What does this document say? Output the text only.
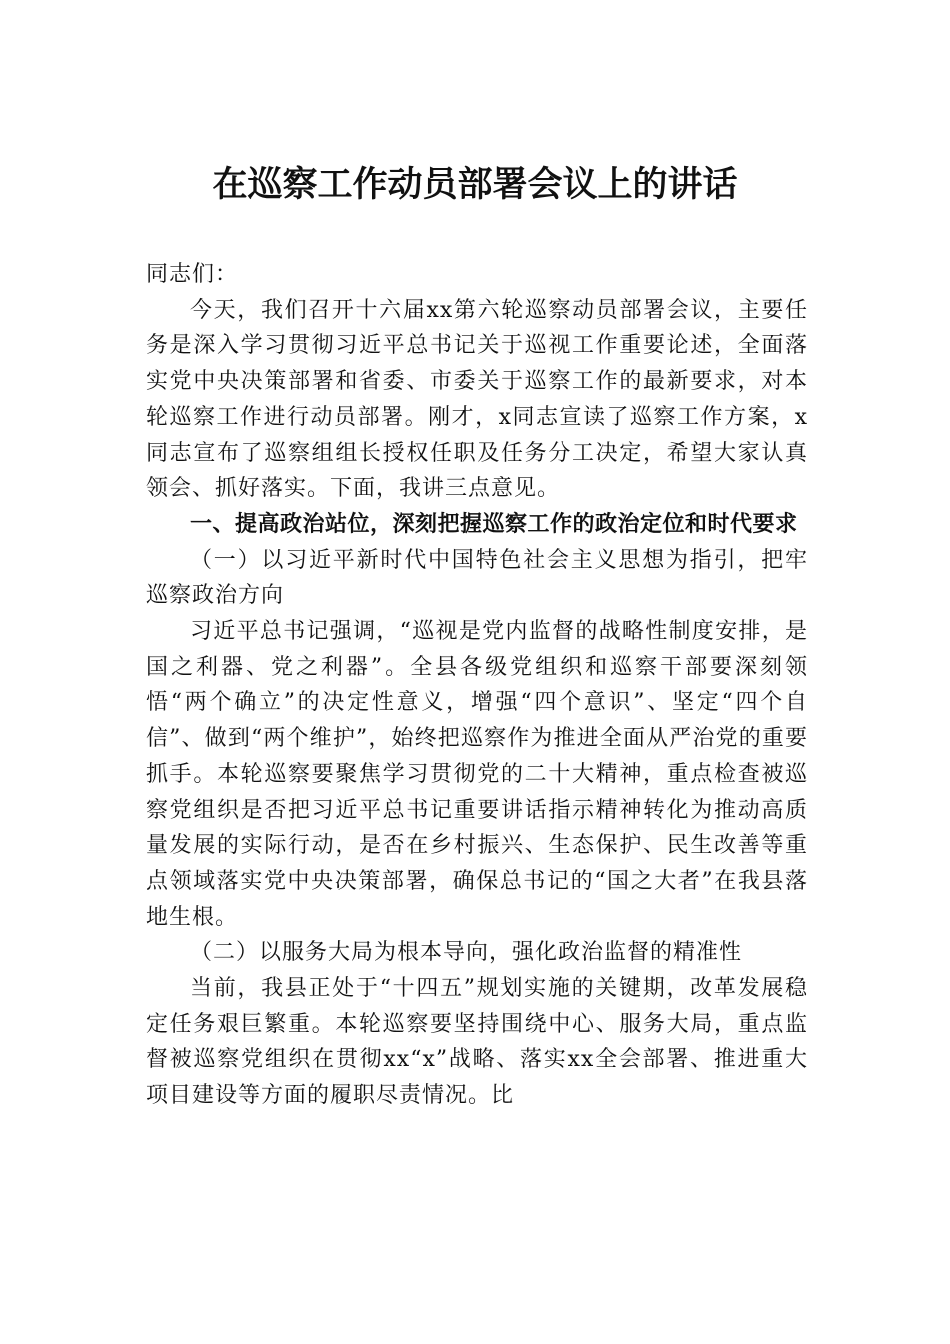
在巡察工作动员部署会议上的讲话

同志们：

今天，我们召开十六届xx第六轮巡察动员部署会议，主要任务是深入学习贯彻习近平总书记关于巡视工作重要论述，全面落实党中央决策部署和省委、市委关于巡察工作的最新要求，对本轮巡察工作进行动员部署。刚才，x同志宣读了巡察工作方案，x同志宣布了巡察组组长授权任职及任务分工决定，希望大家认真领会、抓好落实。下面，我讲三点意见。

一、提高政治站位，深刻把握巡察工作的政治定位和时代要求

（一）以习近平新时代中国特色社会主义思想为指引，把牢巡察政治方向

习近平总书记强调，“巡视是党内监督的战略性制度安排，是国之利器、党之利器”。全县各级党组织和巡察干部要深刻领悟“两个确立”的决定性意义，增强“四个意识”、坚定“四个自信”、做到“两个维护”，始终把巡察作为推进全面从严治党的重要抓手。本轮巡察要聚焦学习贯彻党的二十大精神，重点检查被巡察党组织是否把习近平总书记重要讲话指示精神转化为推动高质量发展的实际行动，是否在乡村振兴、生态保护、民生改善等重点领域落实党中央决策部署，确保总书记的“国之大者”在我县落地生根。

（二）以服务大局为根本导向，强化政治监督的精准性

当前，我县正处于“十四五”规划实施的关键期，改革发展稳定任务艰巨繁重。本轮巡察要坚持围绕中心、服务大局，重点监督被巡察党组织在贯彻xx“x”战略、落实xx全会部署、推进重大项目建设等方面的履职尽责情况。比
